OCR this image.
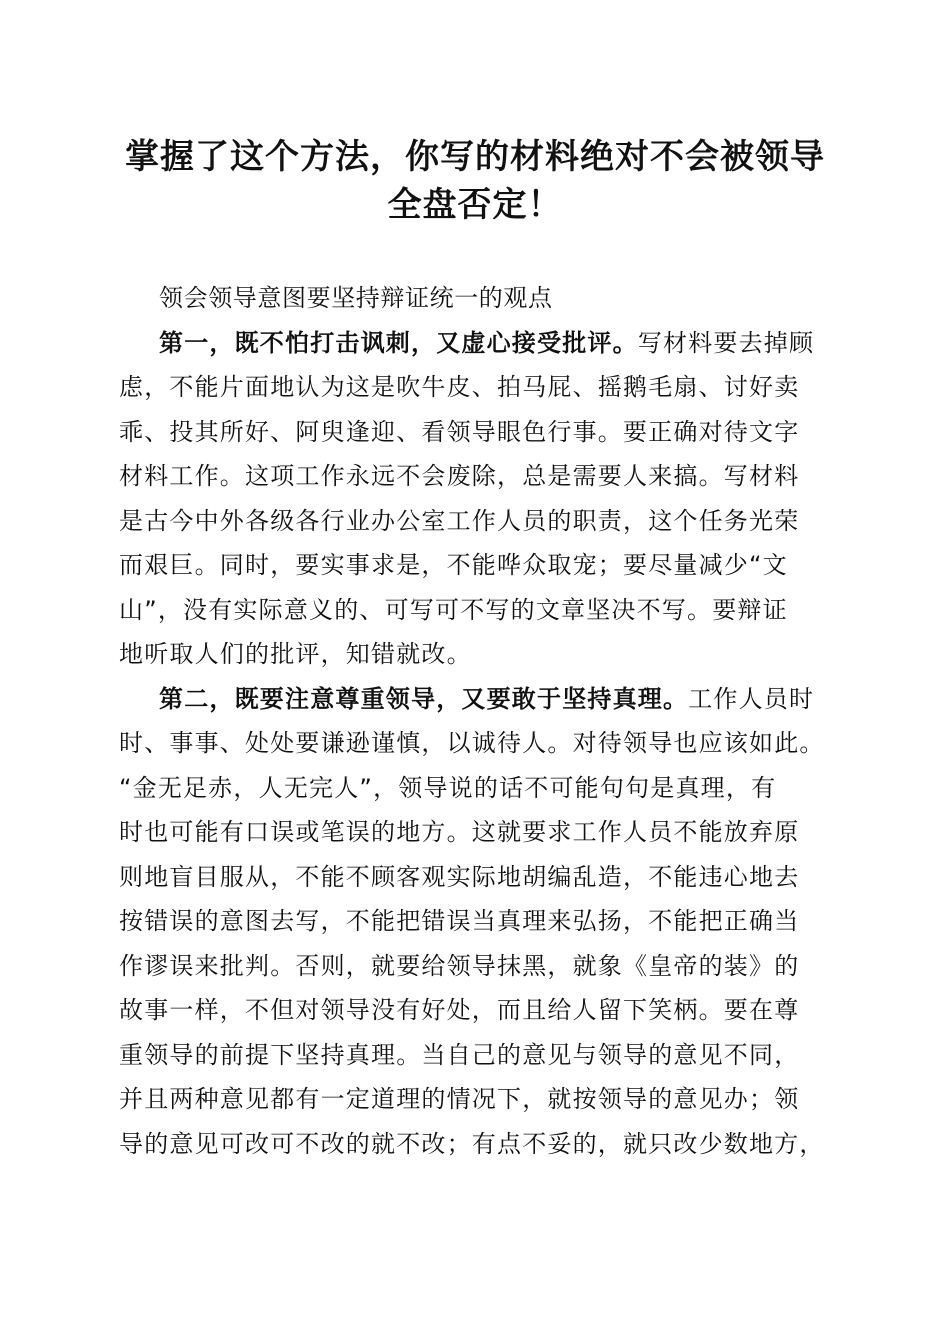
掌握了这个方法，你写的材料绝对不会被领导
全盘否定！
领会领导意图要坚持辩证统一的观点
第一，既不怕打击讽刺，又虚心接受批评。写材料要去掉顾
虑，不能片面地认为这是吹牛皮、拍马屁、摇鹅毛扇、讨好卖
乖、投其所好、阿臾逢迎、看领导眼色行事。要正确对待文字
材料工作。这项工作永远不会废除，总是需要人来搞。写材料
是古今中外各级各行业办公室工作人员的职责，这个任务光荣
而艰巨。同时，要实事求是，不能哗众取宠；要尽量减少“文
山”，没有实际意义的、可写可不写的文章坚决不写。要辩证
地听取人们的批评，知错就改。
第二，既要注意尊重领导，又要敢于坚持真理。工作人员时
时、事事、处处要谦逊谨慎，以诚待人。对待领导也应该如此。
“金无足赤，人无完人”，领导说的话不可能句句是真理，有
时也可能有口误或笔误的地方。这就要求工作人员不能放弃原
则地盲目服从，不能不顾客观实际地胡编乱造，不能违心地去
按错误的意图去写，不能把错误当真理来弘扬，不能把正确当
作谬误来批判。否则，就要给领导抹黑，就象《皇帝的装》的
故事一样，不但对领导没有好处，而且给人留下笑柄。要在尊
重领导的前提下坚持真理。当自己的意见与领导的意见不同，
并且两种意见都有一定道理的情况下，就按领导的意见办；领
导的意见可改可不改的就不改；有点不妥的，就只改少数地方，
